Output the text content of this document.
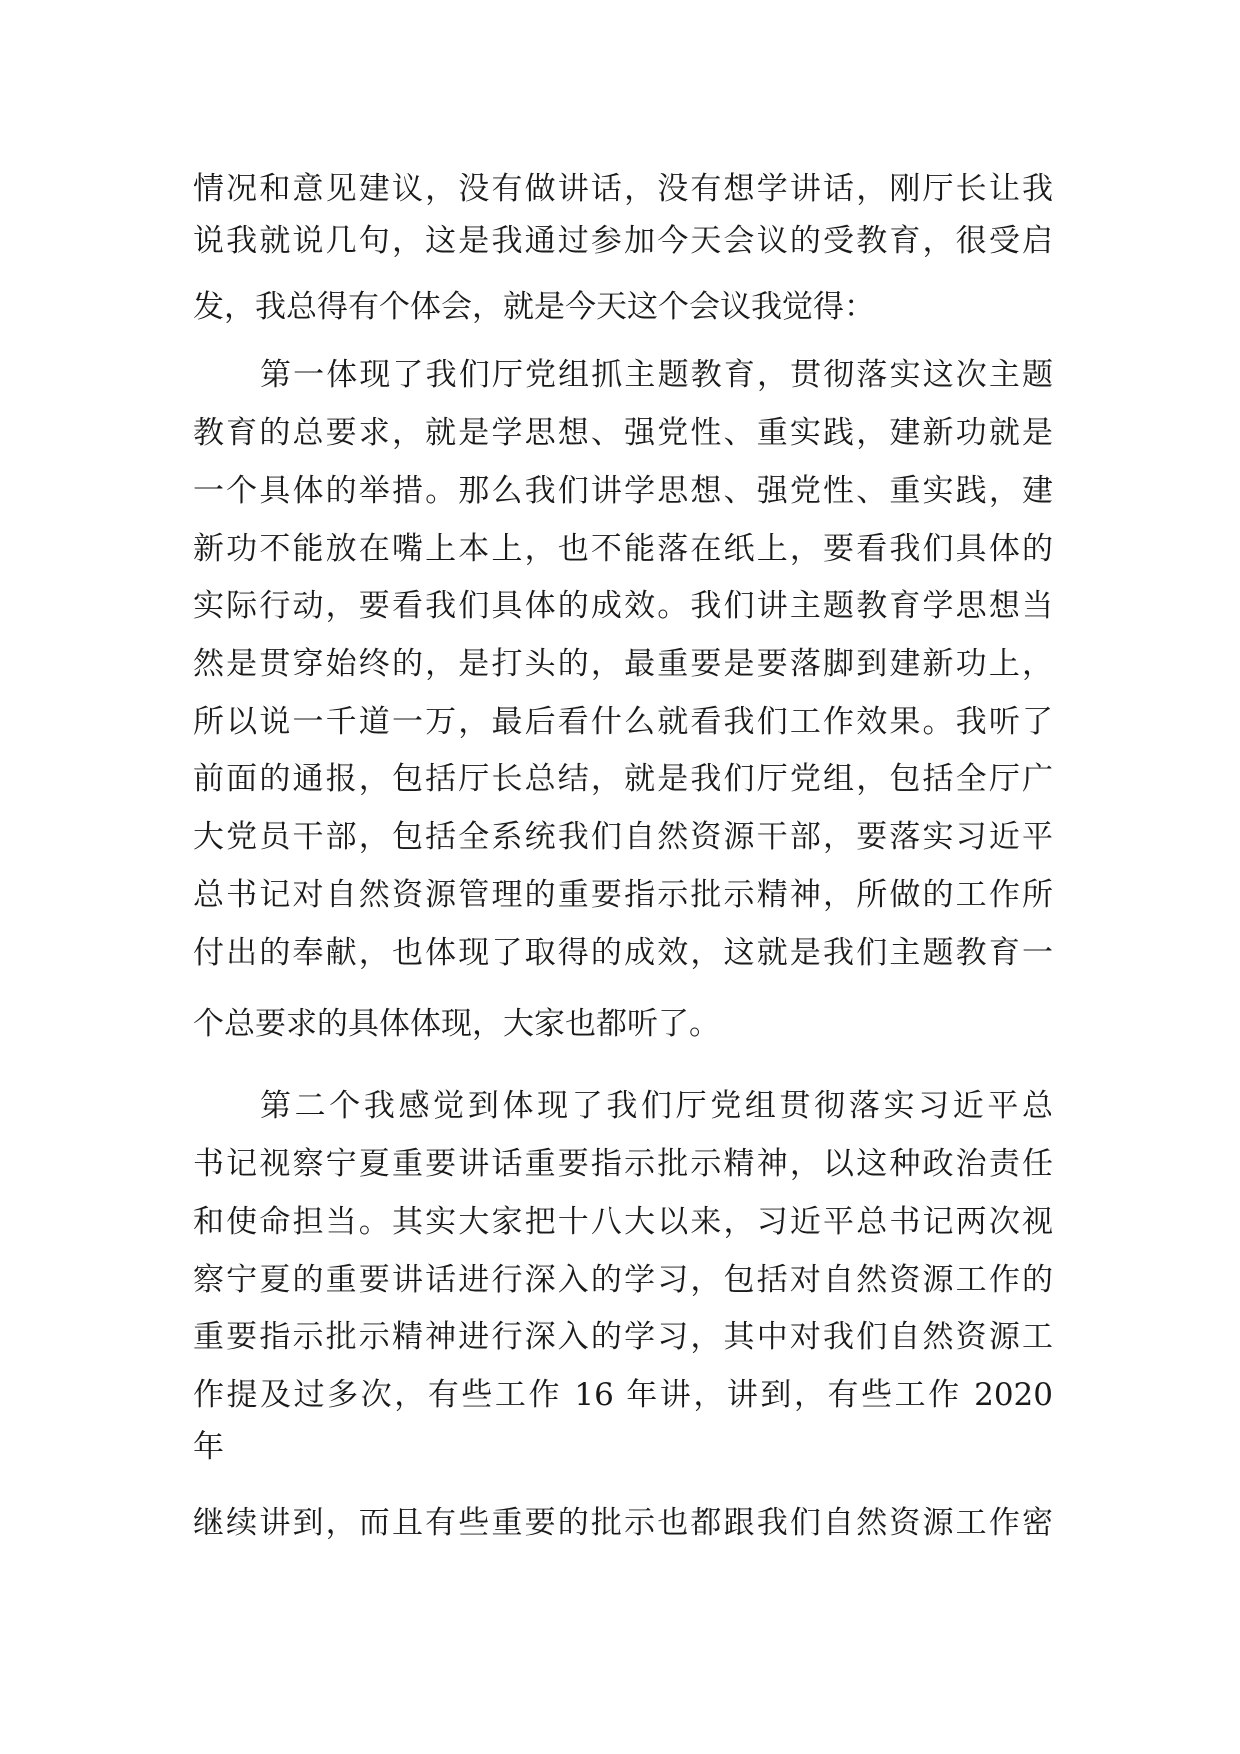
情况和意见建议，没有做讲话，没有想学讲话，刚厅长让我
说我就说几句，这是我通过参加今天会议的受教育，很受启
发，我总得有个体会，就是今天这个会议我觉得：
第一体现了我们厅党组抓主题教育，贯彻落实这次主题
教育的总要求，就是学思想、强党性、重实践，建新功就是
一个具体的举措。那么我们讲学思想、强党性、重实践，建
新功不能放在嘴上本上，也不能落在纸上，要看我们具体的
实际行动，要看我们具体的成效。我们讲主题教育学思想当
然是贯穿始终的，是打头的，最重要是要落脚到建新功上，
所以说一千道一万，最后看什么就看我们工作效果。我听了
前面的通报，包括厅长总结，就是我们厅党组，包括全厅广
大党员干部，包括全系统我们自然资源干部，要落实习近平
总书记对自然资源管理的重要指示批示精神，所做的工作所
付出的奉献，也体现了取得的成效，这就是我们主题教育一
个总要求的具体体现，大家也都听了。
第二个我感觉到体现了我们厅党组贯彻落实习近平总
书记视察宁夏重要讲话重要指示批示精神，以这种政治责任
和使命担当。其实大家把十八大以来，习近平总书记两次视
察宁夏的重要讲话进行深入的学习，包括对自然资源工作的
重要指示批示精神进行深入的学习，其中对我们自然资源工
作提及过多次，有些工作 16 年讲，讲到，有些工作 2020
年
继续讲到，而且有些重要的批示也都跟我们自然资源工作密
